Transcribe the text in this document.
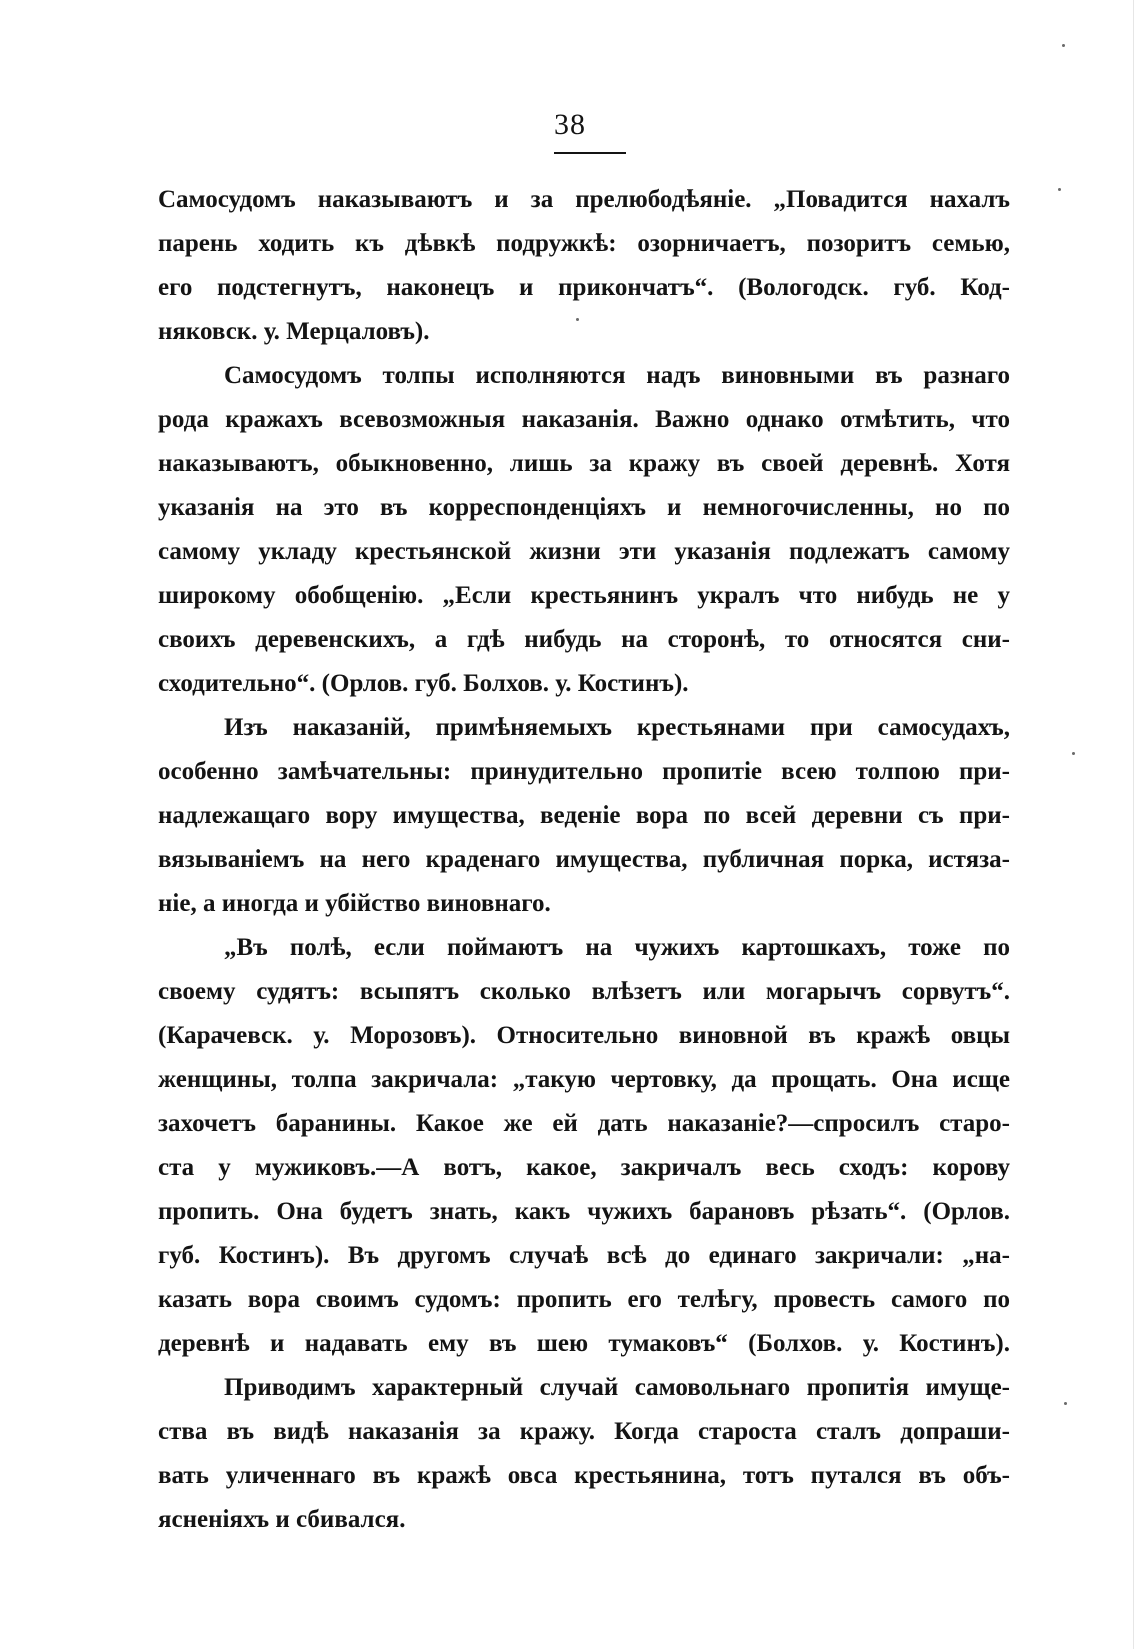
38
Самосудомъ наказываютъ и за прелюбодѣяніе. „Повадится нахалъ
парень ходить къ дѣвкѣ подружкѣ: озорничаетъ, позоритъ семью,
его подстегнутъ, наконецъ и прикончатъ“. (Вологодск. губ. Код-
няковск. у. Мерцаловъ).
Самосудомъ толпы исполняются надъ виновными въ разнаго
рода кражахъ всевозможныя наказанія. Важно однако отмѣтить, что
наказываютъ, обыкновенно, лишь за кражу въ своей деревнѣ. Хотя
указанія на это въ корреспонденціяхъ и немногочисленны, но по
самому укладу крестьянской жизни эти указанія подлежатъ самому
широкому обобщенію. „Если крестьянинъ укралъ что нибудь не у
своихъ деревенскихъ, а гдѣ нибудь на сторонѣ, то относятся сни-
сходительно“. (Орлов. губ. Болхов. у. Костинъ).
Изъ наказаній, примѣняемыхъ крестьянами при самосудахъ,
особенно замѣчательны: принудительно пропитіе всею толпою при-
надлежащаго вору имущества, веденіе вора по всей деревни съ при-
вязываніемъ на него краденаго имущества, публичная порка, истяза-
ніе, а иногда и убійство виновнаго.
„Въ полѣ, если поймаютъ на чужихъ картошкахъ, тоже по
своему судятъ: всыпятъ сколько влѣзетъ или могарычъ сорвутъ“.
(Карачевск. у. Морозовъ). Относительно виновной въ кражѣ овцы
женщины, толпа закричала: „такую чертовку, да прощать. Она исще
захочетъ баранины. Какое же ей дать наказаніе?—спросилъ старо-
ста у мужиковъ.—А вотъ, какое, закричалъ весь сходъ: корову
пропить. Она будетъ знать, какъ чужихъ барановъ рѣзать“. (Орлов.
губ. Костинъ). Въ другомъ случаѣ всѣ до единаго закричали: „на-
казать вора своимъ судомъ: пропить его телѣгу, провесть самого по
деревнѣ и надавать ему въ шею тумаковъ“ (Болхов. у. Костинъ).
Приводимъ характерный случай самовольнаго пропитія имуще-
ства въ видѣ наказанія за кражу. Когда староста сталъ допраши-
вать уличеннаго въ кражѣ овса крестьянина, тотъ путался въ объ-
ясненіяхъ и сбивался.
